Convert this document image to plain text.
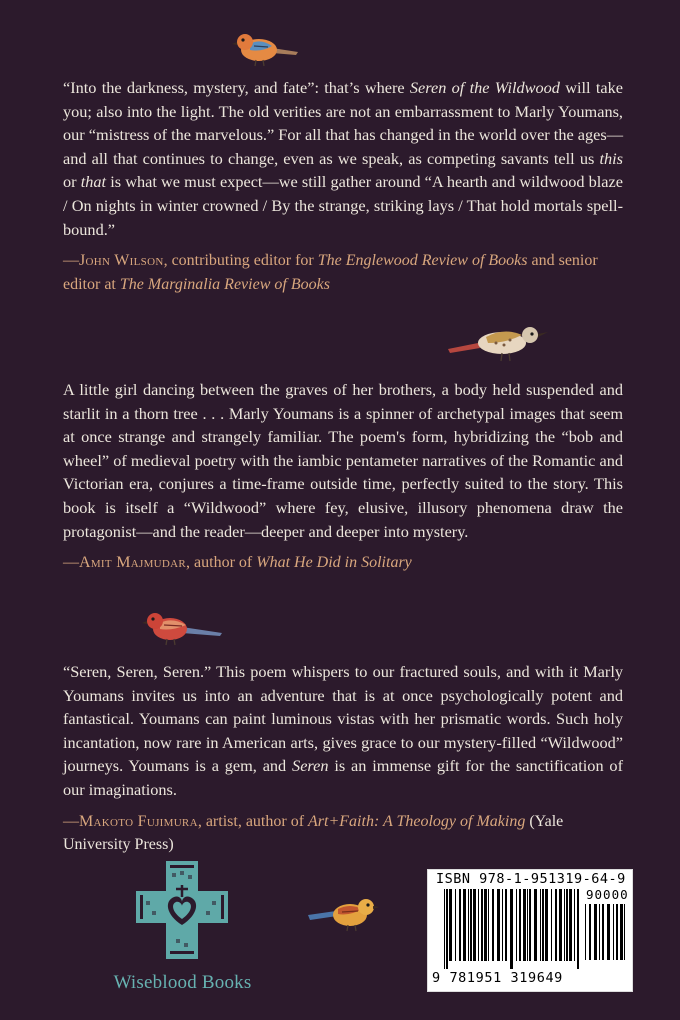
“Into the darkness, mystery, and fate”: that’s where Seren of the Wildwood will take you; also into the light. The old verities are not an embarrassment to Marly Youmans, our “mistress of the marvelous.” For all that has changed in the world over the ages—and all that continues to change, even as we speak, as competing savants tell us this or that is what we must expect—we still gather around “A hearth and wildwood blaze / On nights in winter crowned / By the strange, striking lays / That hold mortals spellbound.”

—John Wilson, contributing editor for The Englewood Review of Books and senior editor at The Marginalia Review of Books

A little girl dancing between the graves of her brothers, a body held suspended and starlit in a thorn tree . . . Marly Youmans is a spinner of archetypal images that seem at once strange and strangely familiar. The poem's form, hybridizing the “bob and wheel” of medieval poetry with the iambic pentameter narratives of the Romantic and Victorian era, conjures a time-frame outside time, perfectly suited to the story. This book is itself a “Wildwood” where fey, elusive, illusory phenomena draw the protagonist—and the reader—deeper and deeper into mystery.

—Amit Majmudar, author of What He Did in Solitary

“Seren, Seren, Seren.” This poem whispers to our fractured souls, and with it Marly Youmans invites us into an adventure that is at once psychologically potent and fantastical. Youmans can paint luminous vistas with her prismatic words. Such holy incantation, now rare in American arts, gives grace to our mystery-filled “Wildwood” journeys. Youmans is a gem, and Seren is an immense gift for the sanctification of our imaginations.

—Makoto Fujimura, artist, author of Art+Faith: A Theology of Making (Yale University Press)

Wiseblood Books
ISBN 978-1-951319-64-9
90000
9 781951 319649
